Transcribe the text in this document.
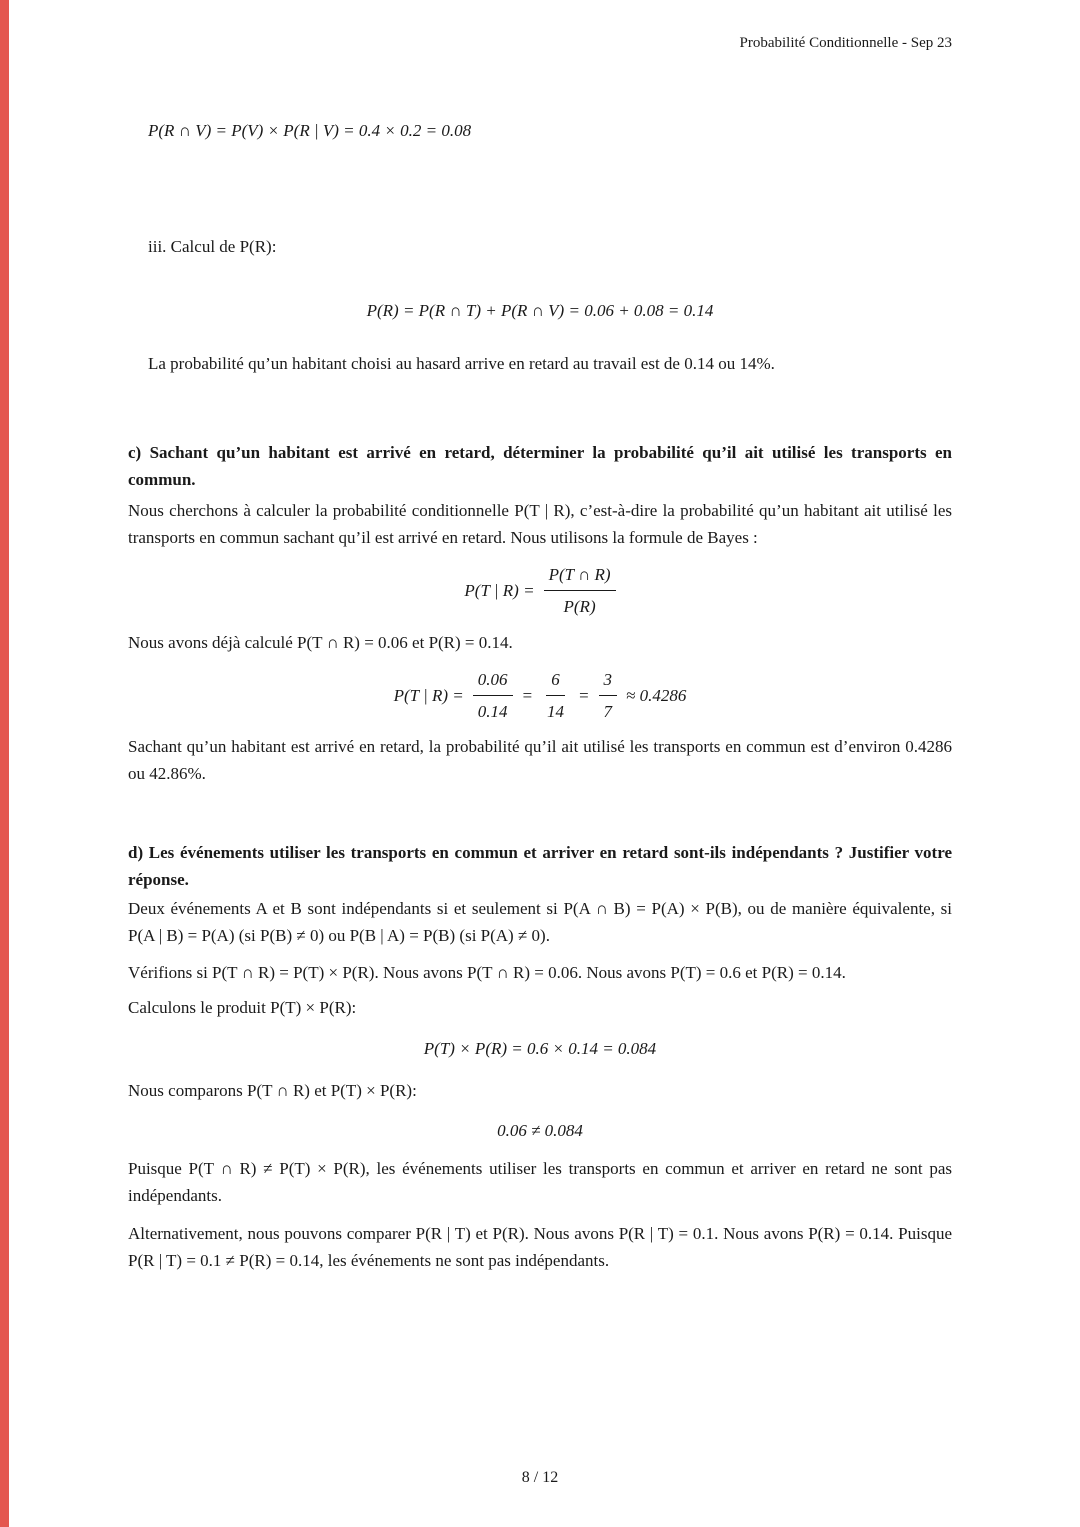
Probabilité Conditionnelle - Sep 23
P(R ∩ V) = P(V) × P(R | V) = 0.4 × 0.2 = 0.08
iii. Calcul de P(R):
P(R) = P(R ∩ T) + P(R ∩ V) = 0.06 + 0.08 = 0.14
La probabilité qu’un habitant choisi au hasard arrive en retard au travail est de 0.14 ou 14%.
c) Sachant qu’un habitant est arrivé en retard, déterminer la probabilité qu’il ait utilisé les transports en commun.
Nous cherchons à calculer la probabilité conditionnelle P(T | R), c’est-à-dire la probabilité qu’un habitant ait utilisé les transports en commun sachant qu’il est arrivé en retard. Nous utilisons la formule de Bayes :
P(T | $R) = \frac{P(T \cap R)}{P(R)}$
Nous avons déjà calculé P(T ∩ R) = 0.06 et P(R) = 0.14.
P(T | $R) = \frac{0.06}{0.14} = \frac{6}{14} = \frac{3}{7} \approx 0.4286$
Sachant qu’un habitant est arrivé en retard, la probabilité qu’il ait utilisé les transports en commun est d’environ 0.4286 ou 42.86%.
d) Les événements utiliser les transports en commun et arriver en retard sont-ils indépendants ? Justifier votre réponse.
Deux événements A et B sont indépendants si et seulement si P(A ∩ B) = P(A) × P(B), ou de manière équivalente, si P(A | B) = P(A) (si P(B) ≠ 0) ou P(B | A) = P(B) (si P(A) ≠ 0).
Vérifions si P(T ∩ R) = P(T) × P(R). Nous avons P(T ∩ R) = 0.06. Nous avons P(T) = 0.6 et P(R) = 0.14.
Calculons le produit P(T) × P(R):
P(T) × P(R) = 0.6 × 0.14 = 0.084
Nous comparons P(T ∩ R) et P(T) × P(R):
0.06 ≠ 0.084
Puisque P(T ∩ R) ≠ P(T) × P(R), les événements utiliser les transports en commun et arriver en retard ne sont pas indépendants.
Alternativement, nous pouvons comparer P(R | T) et P(R). Nous avons P(R | T) = 0.1. Nous avons P(R) = 0.14. Puisque P(R | T) = 0.1 ≠ P(R) = 0.14, les événements ne sont pas indépendants.
8 / 12
